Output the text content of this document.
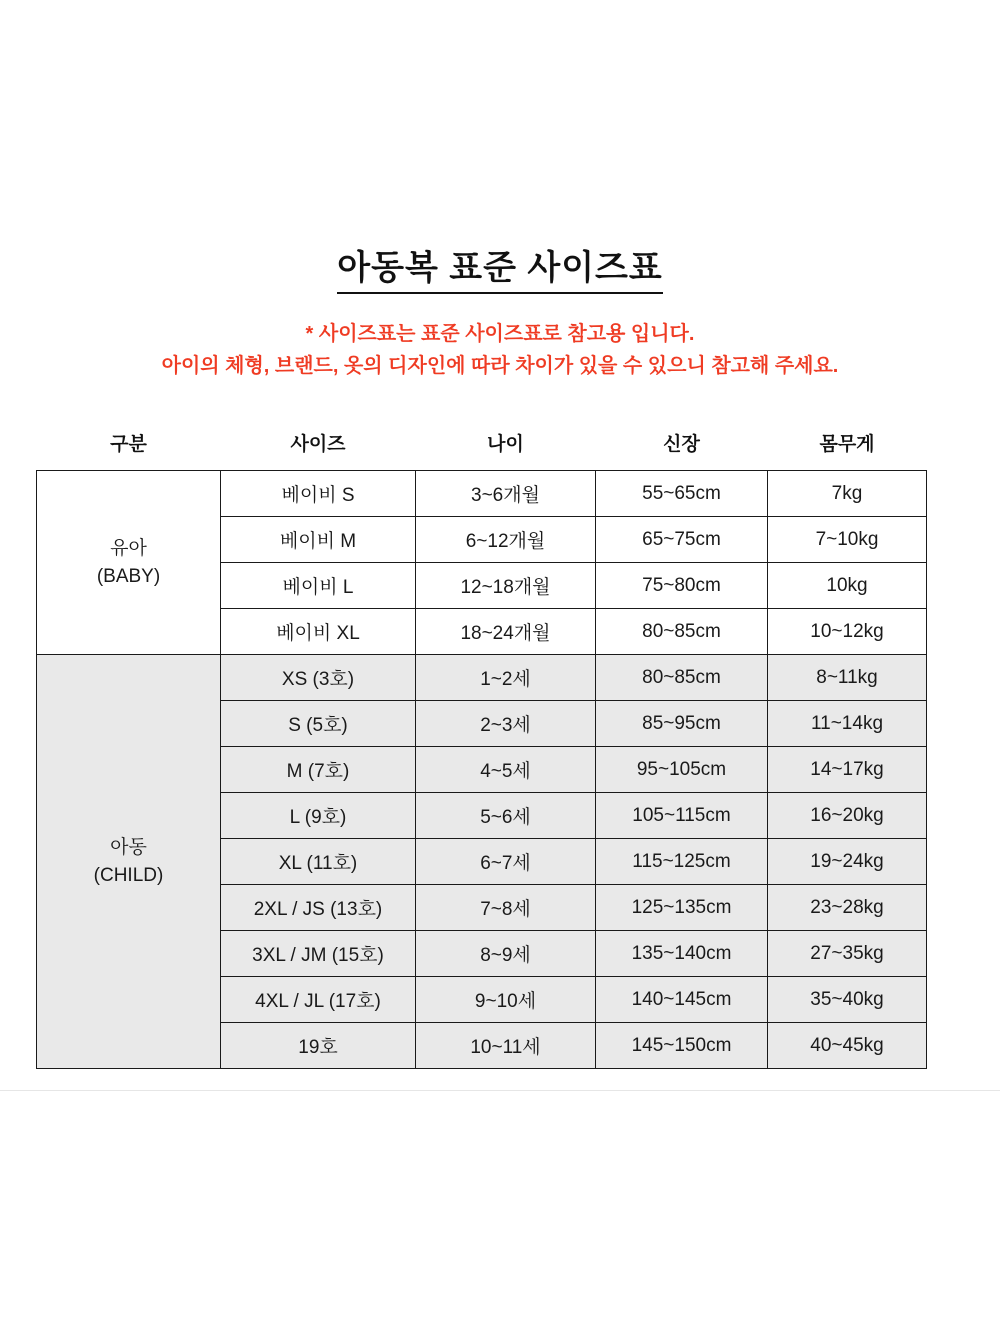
아동복 표준 사이즈표
* 사이즈표는 표준 사이즈표로 참고용 입니다.
아이의 체형, 브랜드, 옷의 디자인에 따라 차이가 있을 수 있으니 참고해 주세요.
구분	사이즈	나이	신장	몸무게
유아
(BABY)	베이비 S	3~6개월	55~65cm	7kg
	베이비 M	6~12개월	65~75cm	7~10kg
	베이비 L	12~18개월	75~80cm	10kg
	베이비 XL	18~24개월	80~85cm	10~12kg
아동
(CHILD)	XS (3호)	1~2세	80~85cm	8~11kg
	S (5호)	2~3세	85~95cm	11~14kg
	M (7호)	4~5세	95~105cm	14~17kg
	L (9호)	5~6세	105~115cm	16~20kg
	XL (11호)	6~7세	115~125cm	19~24kg
	2XL / JS (13호)	7~8세	125~135cm	23~28kg
	3XL / JM (15호)	8~9세	135~140cm	27~35kg
	4XL / JL (17호)	9~10세	140~145cm	35~40kg
	19호	10~11세	145~150cm	40~45kg
